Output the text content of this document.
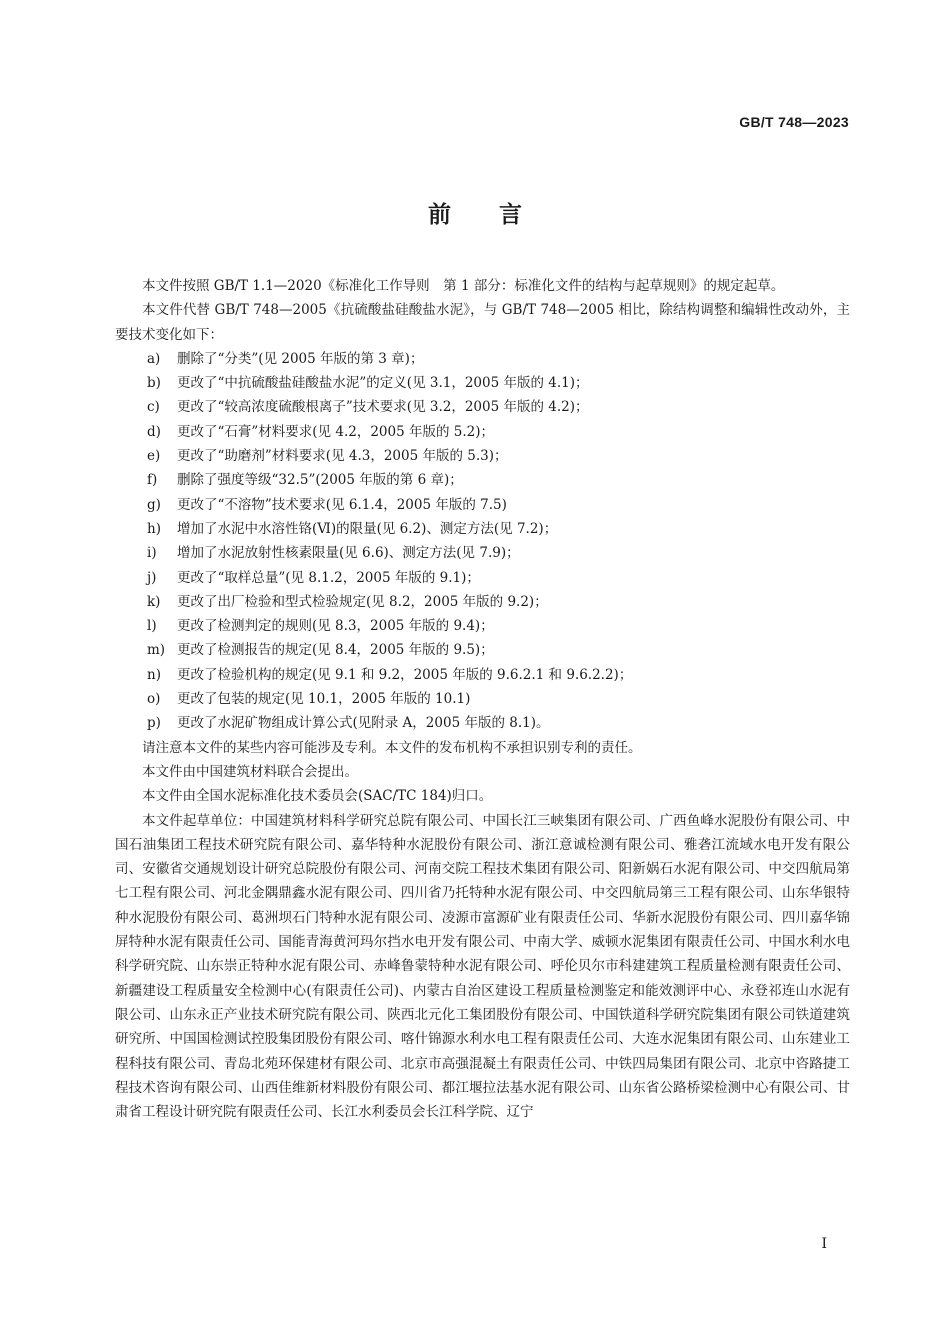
GB/T 748—2023
前言

本文件按照 GB/T 1.1—2020《标准化工作导则　第 1 部分：标准化文件的结构与起草规则》的规定起草。

本文件代替 GB/T 748—2005《抗硫酸盐硅酸盐水泥》，与 GB/T 748—2005 相比，除结构调整和编辑性改动外，主要技术变化如下：

a) 删除了“分类”(见 2005 年版的第 3 章)；

b) 更改了“中抗硫酸盐硅酸盐水泥”的定义(见 3.1，2005 年版的 4.1)；

c) 更改了“较高浓度硫酸根离子”技术要求(见 3.2，2005 年版的 4.2)；

d) 更改了“石膏”材料要求(见 4.2，2005 年版的 5.2)；

e) 更改了“助磨剂”材料要求(见 4.3，2005 年版的 5.3)；

f) 删除了强度等级“32.5”(2005 年版的第 6 章)；

g) 更改了“不溶物”技术要求(见 6.1.4，2005 年版的 7.5)

h) 增加了水泥中水溶性铬(Ⅵ)的限量(见 6.2)、测定方法(见 7.2)；

i) 增加了水泥放射性核素限量(见 6.6)、测定方法(见 7.9)；

j) 更改了“取样总量”(见 8.1.2，2005 年版的 9.1)；

k) 更改了出厂检验和型式检验规定(见 8.2，2005 年版的 9.2)；

l) 更改了检测判定的规则(见 8.3，2005 年版的 9.4)；

m) 更改了检测报告的规定(见 8.4，2005 年版的 9.5)；

n) 更改了检验机构的规定(见 9.1 和 9.2，2005 年版的 9.6.2.1 和 9.6.2.2)；

o) 更改了包装的规定(见 10.1，2005 年版的 10.1)

p) 更改了水泥矿物组成计算公式(见附录 A，2005 年版的 8.1)。

请注意本文件的某些内容可能涉及专利。本文件的发布机构不承担识别专利的责任。

本文件由中国建筑材料联合会提出。

本文件由全国水泥标准化技术委员会(SAC/TC 184)归口。

本文件起草单位：中国建筑材料科学研究总院有限公司、中国长江三峡集团有限公司、广西鱼峰水泥股份有限公司、中国石油集团工程技术研究院有限公司、嘉华特种水泥股份有限公司、浙江意诚检测有限公司、雅砻江流域水电开发有限公司、安徽省交通规划设计研究总院股份有限公司、河南交院工程技术集团有限公司、阳新娲石水泥有限公司、中交四航局第七工程有限公司、河北金隅鼎鑫水泥有限公司、四川省乃托特种水泥有限公司、中交四航局第三工程有限公司、山东华银特种水泥股份有限公司、葛洲坝石门特种水泥有限公司、凌源市富源矿业有限责任公司、华新水泥股份有限公司、四川嘉华锦屏特种水泥有限责任公司、国能青海黄河玛尔挡水电开发有限公司、中南大学、威顿水泥集团有限责任公司、中国水利水电科学研究院、山东崇正特种水泥有限公司、赤峰鲁蒙特种水泥有限公司、呼伦贝尔市科建建筑工程质量检测有限责任公司、新疆建设工程质量安全检测中心(有限责任公司)、内蒙古自治区建设工程质量检测鉴定和能效测评中心、永登祁连山水泥有限公司、山东永正产业技术研究院有限公司、陕西北元化工集团股份有限公司、中国铁道科学研究院集团有限公司铁道建筑研究所、中国国检测试控股集团股份有限公司、喀什锦源水利水电工程有限责任公司、大连水泥集团有限公司、山东建业工程科技有限公司、青岛北苑环保建材有限公司、北京市高强混凝土有限责任公司、中铁四局集团有限公司、北京中咨路捷工程技术咨询有限公司、山西佳维新材料股份有限公司、都江堰拉法基水泥有限公司、山东省公路桥梁检测中心有限公司、甘肃省工程设计研究院有限责任公司、长江水利委员会长江科学院、辽宁

Ⅰ
